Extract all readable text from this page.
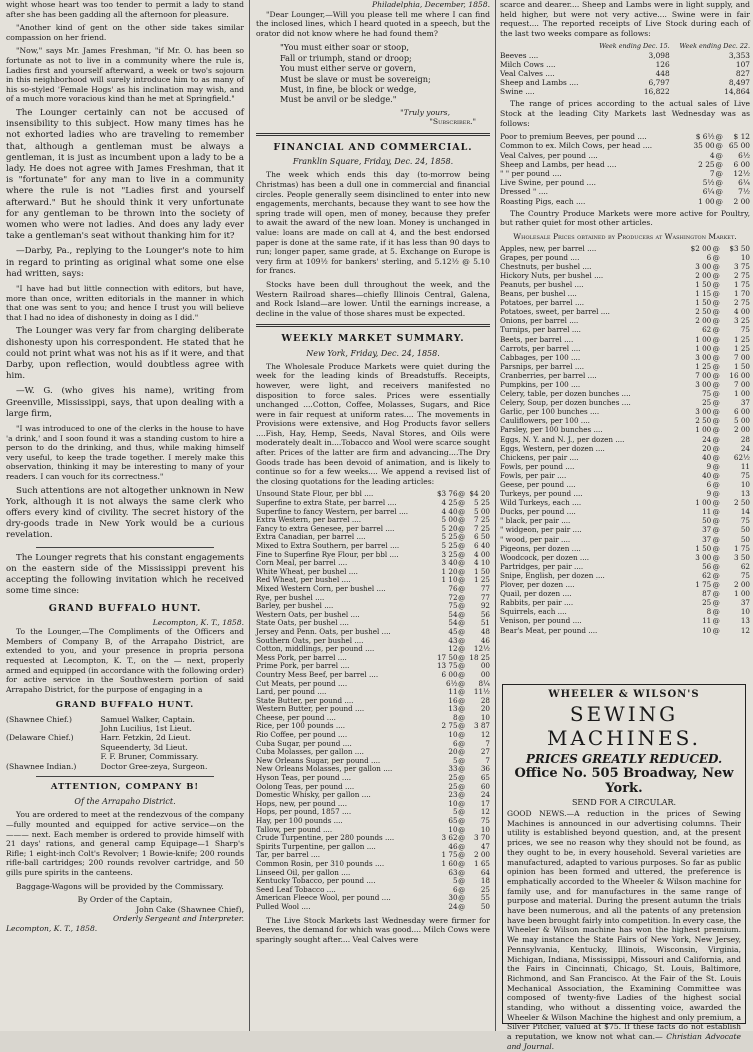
wight whose heart was too tender to permit a lady to stand after she has been gadding all the afternoon for pleasure.

"Another kind of gent on the other side takes similar compassion on her friend.

"Now," says Mr. James Freshman, "if Mr. O. has been so fortunate as not to live in a community where the rule is, Ladies first and yourself afterward, a week or two's sojourn in this neighborhood will surely introduce him to as many of his so-styled 'Female Hogs' as his inclination may wish, and of a much more voracious kind than he met at Springfield."

The Lounger certainly can not be accused of insensibility to this subject. How many times has he not exhorted ladies who are traveling to remember that, although a gentleman must be always a gentleman, it is just as incumbent upon a lady to be a lady. He does not agree with James Freshman, that it is "fortunate" for any man to live in a community where the rule is not "Ladies first and yourself afterward." But he should think it very unfortunate for any gentleman to be thrown into the society of women who were not ladies. And does any lady ever take a gentleman's seat without thanking him for it?

—Darby, Pa., replying to the Lounger's note to him in regard to printing as original what some one else had written, says:

"I have had but little connection with editors, but have, more than once, written editorials in the manner in which that one was sent to you; and hence I trust you will believe that I had no idea of dishonesty in doing as I did."

The Lounger was very far from charging deliberate dishonesty upon his correspondent. He stated that he could not print what was not his as if it were, and that Darby, upon reflection, would doubtless agree with him.

—W. G. (who gives his name), writing from Greenville, Mississippi, says, that upon dealing with a large firm,

"I was introduced to one of the clerks in the house to have 'a drink,' and I soon found it was a standing custom to hire a person to do the drinking, and thus, while making himself very useful, to keep the trade together. I merely make this observation, thinking it may be interesting to many of your readers. I can vouch for its correctness."

Such attentions are not altogether unknown in New York, although it is not always the same clerk who offers every kind of civility. The secret history of the dry-goods trade in New York would be a curious revelation.

The Lounger regrets that his constant engagements on the eastern side of the Mississippi prevent his accepting the following invitation which he received some time since:

GRAND BUFFALO HUNT.
Lecompton, K. T., 1858.

To the Lounger,—The Compliments of the Officers and Members of Company B, of the Arrapaho District, are extended to you, and your presence in propria persona requested at Lecompton, K. T., on the — next, properly armed and equipped (in accordance with the following order) for active service in the Southwestern portion of said Arrapaho District, for the purpose of engaging in a

GRAND BUFFALO HUNT.
(Shawnee Chief.)	Samuel Walker, Captain.
	John Lucilius, 1st Lieut.
(Delaware Chief.)	Harr. Fetzkin, 2d Lieut.
	Squeenderty, 3d Lieut.
	F. F. Bruner, Commissary.
(Shawnee Indian.)	Doctor Gree-zeya, Surgeon.
ATTENTION, COMPANY B!
Of the Arrapaho District.

You are ordered to meet at the rendezvous of the company—fully mounted and equipped for active service—on the ——— next. Each member is ordered to provide himself with 21 days' rations, and general camp Equipage—1 Sharp's Rifle; 1 eight-inch Colt's Revolver; 1 Bowie-knife; 200 rounds rifle-ball cartridges; 200 rounds revolver cartridge, and 50 gills pure spirits in the canteens.

Baggage-Wagons will be provided by the Commissary.

By Order of the Captain,
John Cake (Shawnee Chief),
Orderly Sergeant and Interpreter.
Lecompton, K. T., 1858.
Philadelphia, December, 1858.

"Dear Lounger,—Will you please tell me where I can find the inclosed lines, which I heard quoted in a speech, but the orator did not know where he had found them?

"You must either soar or stoop,
Fall or triumph, stand or droop;
You must either serve or govern,
Must be slave or must be sovereign;
Must, in fine, be block or wedge,
Must be anvil or be sledge."
"Truly yours,
"Subscriber."
FINANCIAL AND COMMERCIAL.
Franklin Square, Friday, Dec. 24, 1858.

The week which ends this day (to-morrow being Christmas) has been a dull one in commercial and financial circles. People generally seem disinclined to enter into new engagements, merchants, because they want to see how the spring trade will open, men of money, because they prefer to await the award of the new loan. Money is unchanged in value: loans are made on call at 4, and the best endorsed paper is done at the same rate, if it has less than 90 days to run; longer paper, same grade, at 5. Exchange on Europe is very firm at 109½ for bankers' sterling, and 5.12½ @ 5.10 for francs.

Stocks have been dull throughout the week, and the Western Railroad shares—chiefly Illinois Central, Galena, and Rock Island—are lower. Until the earnings increase, a decline in the value of those shares must be expected.

WEEKLY MARKET SUMMARY.
New York, Friday, Dec. 24, 1858.

The Wholesale Produce Markets were quiet during the week for the leading kinds of Breadstuffs. Receipts, however, were light, and receivers manifested no disposition to force sales. Prices were essentially unchanged ....Cotton, Coffee, Molasses, Sugars, and Rice were in fair request at uniform rates.... The movements in Provisions were extensive, and Hog Products favor sellers ....Fish, Hay, Hemp, Seeds, Naval Stores, and Oils were moderately dealt in....Tobacco and Wool were scarce sought after. Prices of the latter are firm and advancing....The Dry Goods trade has been devoid of animation, and is likely to continue so for a few weeks.... We append a revised list of the closing quotations for the leading articles:

Unsound State Flour, per bbl ....	$3 76	@	$4 20
Superfine to extra State, per barrel ....	4 25	@	5 25
Superfine to fancy Western, per barrel ....	4 40	@	5 00
Extra Western, per barrel ....	5 00	@	7 25
Fancy to extra Genesee, per barrel ....	5 20	@	7 25
Extra Canadian, per barrel ....	5 25	@	6 50
Mixed to Extra Southern, per barrel ....	5 25	@	6 40
Fine to Superfine Rye Flour, per bbl ....	3 25	@	4 00
Corn Meal, per barrel ....	3 40	@	4 10
White Wheat, per bushel ....	1 20	@	1 50
Red Wheat, per bushel ....	1 10	@	1 25
Mixed Western Corn, per bushel ....	76	@	77
Rye, per bushel ....	72	@	77
Barley, per bushel ....	75	@	92
Western Oats, per bushel ....	54	@	56
State Oats, per bushel ....	54	@	51
Jersey and Penn. Oats, per bushel ....	45	@	48
Southern Oats, per bushel ....	43	@	46
Cotton, middlings, per pound ....	12	@	12½
Mess Pork, per barrel ....	17 50	@	18 25
Prime Pork, per barrel ....	13 75	@	00
Country Mess Beef, per barrel ....	6 00	@	00
Cut Meats, per pound ....	6½	@	8¼
Lard, per pound ....	11	@	11½
State Butter, per pound ....	16	@	28
Western Butter, per pound ....	13	@	20
Cheese, per pound ....	8	@	10
Rice, per 100 pounds ....	2 75	@	3 87
Rio Coffee, per pound ....	10	@	12
Cuba Sugar, per pound ....	6	@	7
Cuba Molasses, per gallon ....	20	@	27
New Orleans Sugar, per pound ....	5	@	7
New Orleans Molasses, per gallon ....	33	@	36
Hyson Teas, per pound ....	25	@	65
Oolong Teas, per pound ....	25	@	60
Domestic Whisky, per gallon ....	23	@	24
Hops, new, per pound ....	10	@	17
Hops, per pound, 1857 ....	5	@	12
Hay, per 100 pounds ....	65	@	75
Tallow, per pound ....	10	@	10
Crude Turpentine, per 280 pounds ....	3 62	@	3 70
Spirits Turpentine, per gallon ....	46	@	47
Tar, per barrel ....	1 75	@	2 00
Common Rosin, per 310 pounds ....	1 60	@	1 65
Linseed Oil, per gallon ....	63	@	64
Kentucky Tobacco, per pound ....	5	@	18
Seed Leaf Tobacco ....	6	@	25
American Fleece Wool, per pound ....	30	@	55
Pulled Wool ....	24	@	50

The Live Stock Markets last Wednesday were firmer for Beeves, the demand for which was good.... Milch Cows were sparingly sought after.... Veal Calves were

scarce and dearer.... Sheep and Lambs were in light supply, and held higher, but were not very active.... Swine were in fair request.... The reported receipts of Live Stock during each of the last two weeks compare as follows:

	Week ending Dec. 15.	Week ending Dec. 22.
Beeves ....	3,098	3,353
Milch Cows ....	126	107
Veal Calves ....	448	827
Sheep and Lambs ....	6,797	8,497
Swine ....	16,822	14,864

The range of prices according to the actual sales of Live Stock at the leading City Markets last Wednesday was as follows:

Poor to premium Beeves, per pound ....	$ 6½	@	$ 12
Common to ex. Milch Cows, per head ....	35 00	@	65 00
Veal Calves, per pound ....	4	@	6½
Sheep and Lambs, per head ....	2 25	@	6 00
" " per pound ....	7	@	12½
Live Swine, per pound ....	5½	@	6¼
Dressed " ....	6¼	@	7½
Roasting Pigs, each ....	1 00	@	2 00

The Country Produce Markets were more active for Poultry, but rather quiet for most other articles.

Wholesale Prices obtained by Producers at Washington Market.
Apples, new, per barrel ....	$2 00	@	$3 50
Grapes, per pound ....	6	@	10
Chestnuts, per bushel ....	3 00	@	3 75
Hickory Nuts, per bushel ....	2 00	@	2 75
Peanuts, per bushel ....	1 50	@	1 75
Beans, per bushel ....	1 15	@	1 70
Potatoes, per barrel ....	1 50	@	2 75
Potatoes, sweet, per barrel ....	2 50	@	4 00
Onions, per barrel ....	2 00	@	3 25
Turnips, per barrel ....	62	@	75
Beets, per barrel ....	1 00	@	1 25
Carrots, per barrel ....	1 00	@	1 25
Cabbages, per 100 ....	3 00	@	7 00
Parsnips, per barrel ....	1 25	@	1 50
Cranberries, per barrel ....	7 00	@	16 00
Pumpkins, per 100 ....	3 00	@	7 00
Celery, table, per dozen bunches ....	75	@	1 00
Celery, Soup, per dozen bunches ....	25	@	37
Garlic, per 100 bunches ....	3 00	@	6 00
Cauliflowers, per 100 ....	2 50	@	5 00
Parsley, per 100 bunches ....	1 00	@	2 00
Eggs, N. Y. and N. J., per dozen ....	24	@	28
Eggs, Western, per dozen ....	20	@	24
Chickens, per pair ....	40	@	62½
Fowls, per pound ....	9	@	11
Fowls, per pair ....	40	@	75
Geese, per pound ....	6	@	10
Turkeys, per pound ....	9	@	13
Wild Turkeys, each ....	1 00	@	2 50
Ducks, per pound ....	11	@	14
" black, per pair ....	50	@	75
" widgeon, per pair ....	37	@	50
" wood, per pair ....	37	@	50
Pigeons, per dozen ....	1 50	@	1 75
Woodcock, per dozen ....	3 00	@	3 50
Partridges, per pair ....	56	@	62
Snipe, English, per dozen ....	62	@	75
Plover, per dozen ....	1 75	@	2 00
Quail, per dozen ....	87	@	1 00
Rabbits, per pair ....	25	@	37
Squirrels, each ....	8	@	10
Venison, per pound ....	11	@	13
Bear's Meat, per pound ....	10	@	12
WHEELER & WILSON'S
SEWING MACHINES.
PRICES GREATLY REDUCED.
Office No. 505 Broadway, New York.
SEND FOR A CIRCULAR.
GOOD NEWS.—A reduction in the prices of Sewing Machines is announced in our advertising columns. Their utility is established beyond question, and, at the present prices, we see no reason why they should not be found, as they ought to be, in every household. Several varieties are manufactured, adapted to various purposes. So far as public opinion has been formed and uttered, the preference is emphatically accorded to the Wheeler & Wilson machine for family use, and for manufactures in the same range of purpose and material. During the present autumn the trials have been numerous, and all the patents of any pretension have been brought fairly into competition. In every case, the Wheeler & Wilson machine has won the highest premium. We may instance the State Fairs of New York, New Jersey, Pennsylvania, Kentucky, Illinois, Wisconsin, Virginia, Michigan, Indiana, Mississippi, Missouri and California, and the Fairs in Cincinnati, Chicago, St. Louis, Baltimore, Richmond, and San Francisco. At the Fair of the St. Louis Mechanical Association, the Examining Committee was composed of twenty-five Ladies of the highest social standing, who without a dissenting voice, awarded the Wheeler & Wilson Machine the highest and only premium, a Silver Pitcher, valued at $75. If these facts do not establish a reputation, we know not what can.— Christian Advocate and Journal.
